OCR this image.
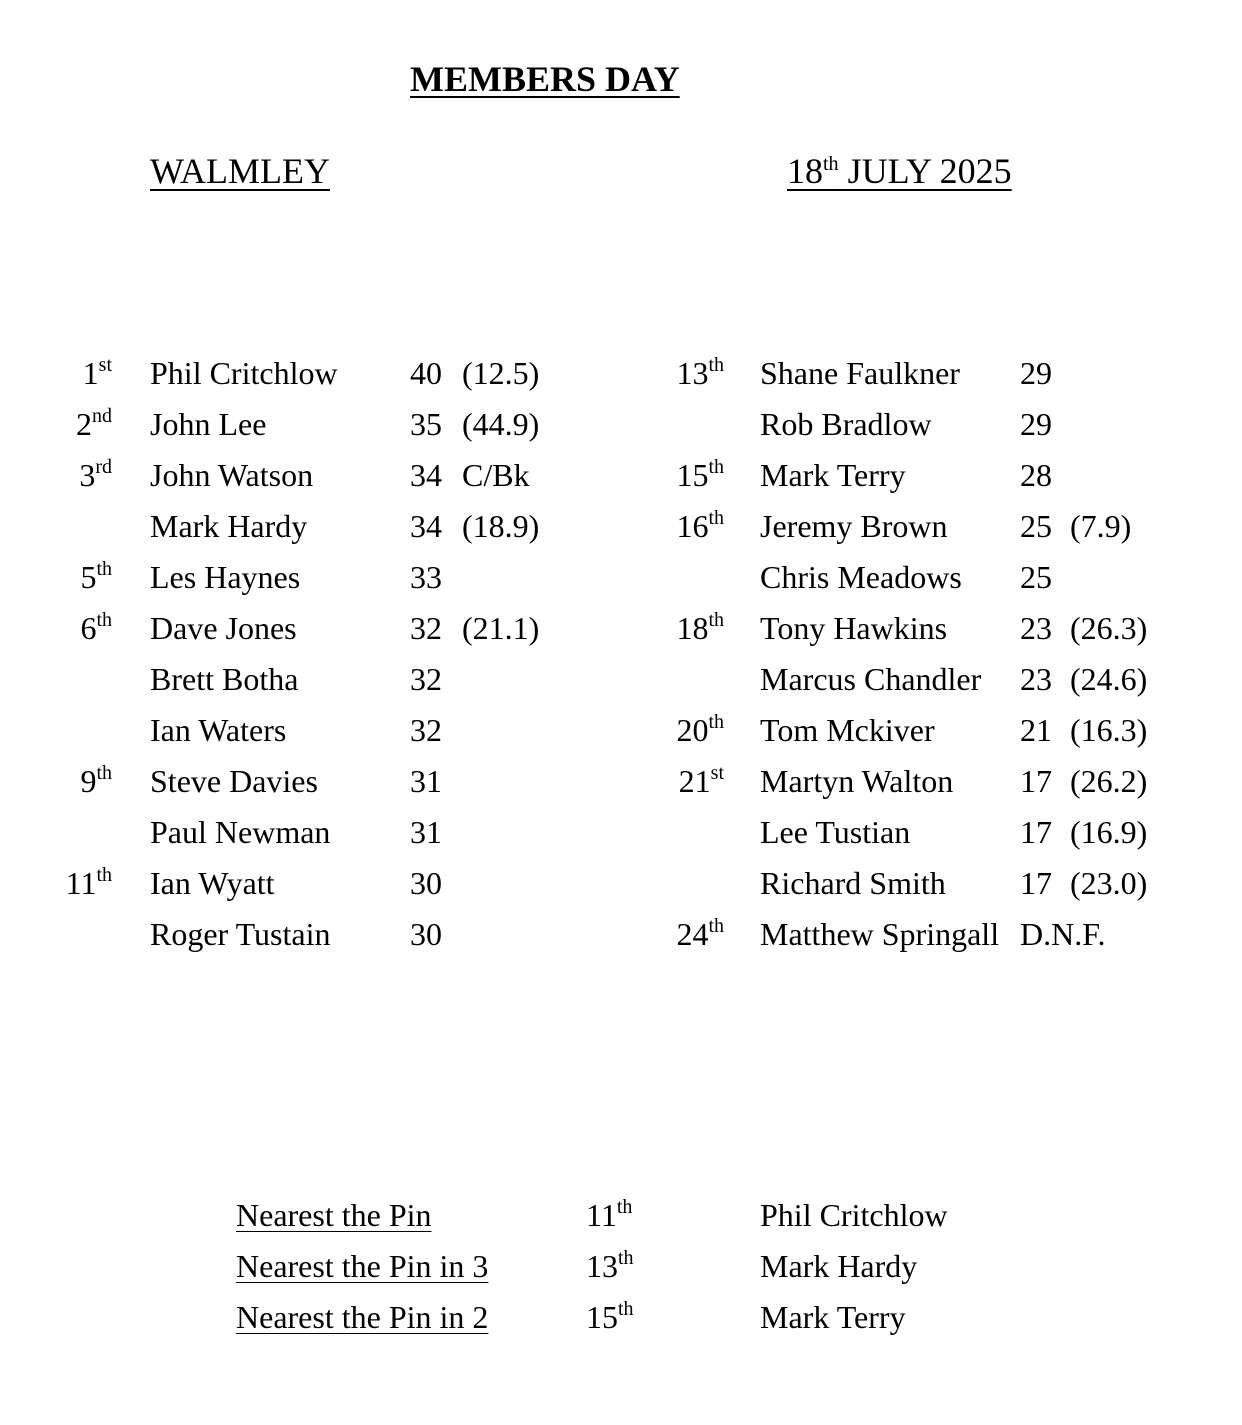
MEMBERS DAY
WALMLEY	18th JULY 2025
1st Phil Critchlow 40 (12.5)	13th Shane Faulkner 29
2nd John Lee	35 (44.9)	Rob Bradlow	29
3rd John Watson	34 C/Bk	15th Mark Terry	28
Mark Hardy	34 (18.9)	16th Jeremy Brown 25 (7.9)
5th Les Haynes	33	Chris Meadows 25
6th Dave Jones	32 (21.1)	18th Tony Hawkins 23 (26.3)
Brett Botha	32	Marcus Chandler 23 (24.6)
Ian Waters	32	20th Tom Mckiver	21 (16.3)
9th Steve Davies	31	21st Martyn Walton 17 (26.2)
Paul Newman 31	Lee Tustian	17 (16.9)
11th Ian Wyatt	30	Richard Smith 17 (23.0)
Roger Tustain 30	24th Matthew Springall D.N.F.
Nearest the Pin	11th	Phil Critchlow
Nearest the Pin in 3	13th	Mark Hardy
Nearest the Pin in 2	15th	Mark Terry
